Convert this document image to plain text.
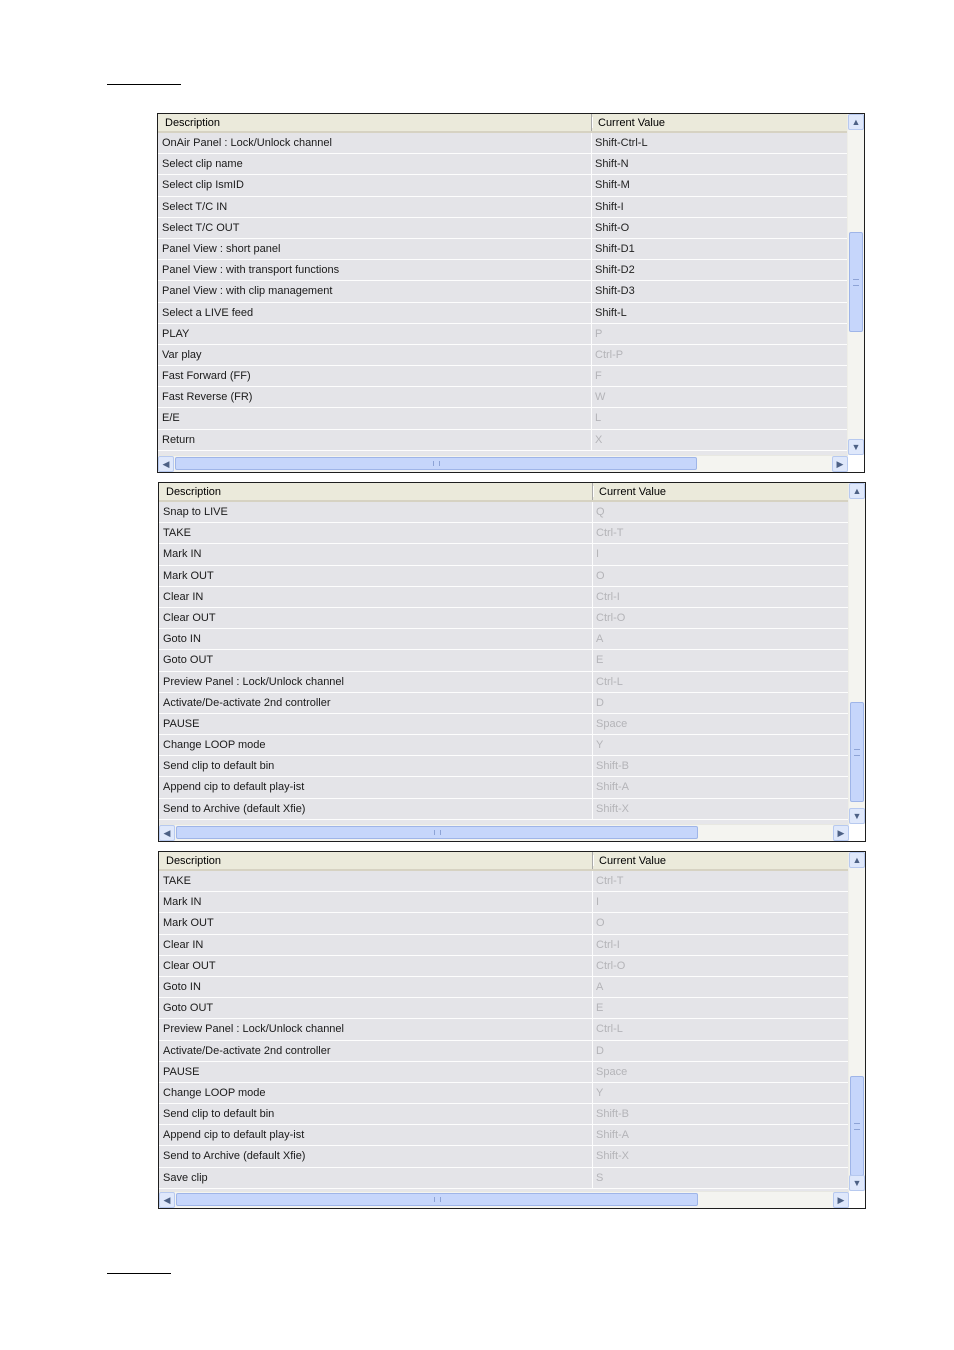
Description	Current Value
OnAir Panel : Lock/Unlock channel	Shift-Ctrl-L
Select clip name	Shift-N
Select clip IsmID	Shift-M
Select T/C IN	Shift-I
Select T/C OUT	Shift-O
Panel View : short panel	Shift-D1
Panel View : with transport functions	Shift-D2
Panel View : with clip management	Shift-D3
Select a LIVE feed	Shift-L
PLAY	P
Var play	Ctrl-P
Fast Forward (FF)	F
Fast Reverse (FR)	W
E/E	L
Return	X
▲
▼
◀	▶
Description	Current Value
Snap to LIVE	Q
TAKE	Ctrl-T
Mark IN	I
Mark OUT	O
Clear IN	Ctrl-I
Clear OUT	Ctrl-O
Goto IN	A
Goto OUT	E
Preview Panel : Lock/Unlock channel	Ctrl-L
Activate/De-activate 2nd controller	D
PAUSE	Space
Change LOOP mode	Y
Send clip to default bin	Shift-B
Append cip to default play-ist	Shift-A
Send to Archive (default Xfie)	Shift-X
▲
▼
◀	▶
Description	Current Value
TAKE	Ctrl-T
Mark IN	I
Mark OUT	O
Clear IN	Ctrl-I
Clear OUT	Ctrl-O
Goto IN	A
Goto OUT	E
Preview Panel : Lock/Unlock channel	Ctrl-L
Activate/De-activate 2nd controller	D
PAUSE	Space
Change LOOP mode	Y
Send clip to default bin	Shift-B
Append cip to default play-ist	Shift-A
Send to Archive (default Xfie)	Shift-X
Save clip	S
▲
▼
◀	▶
